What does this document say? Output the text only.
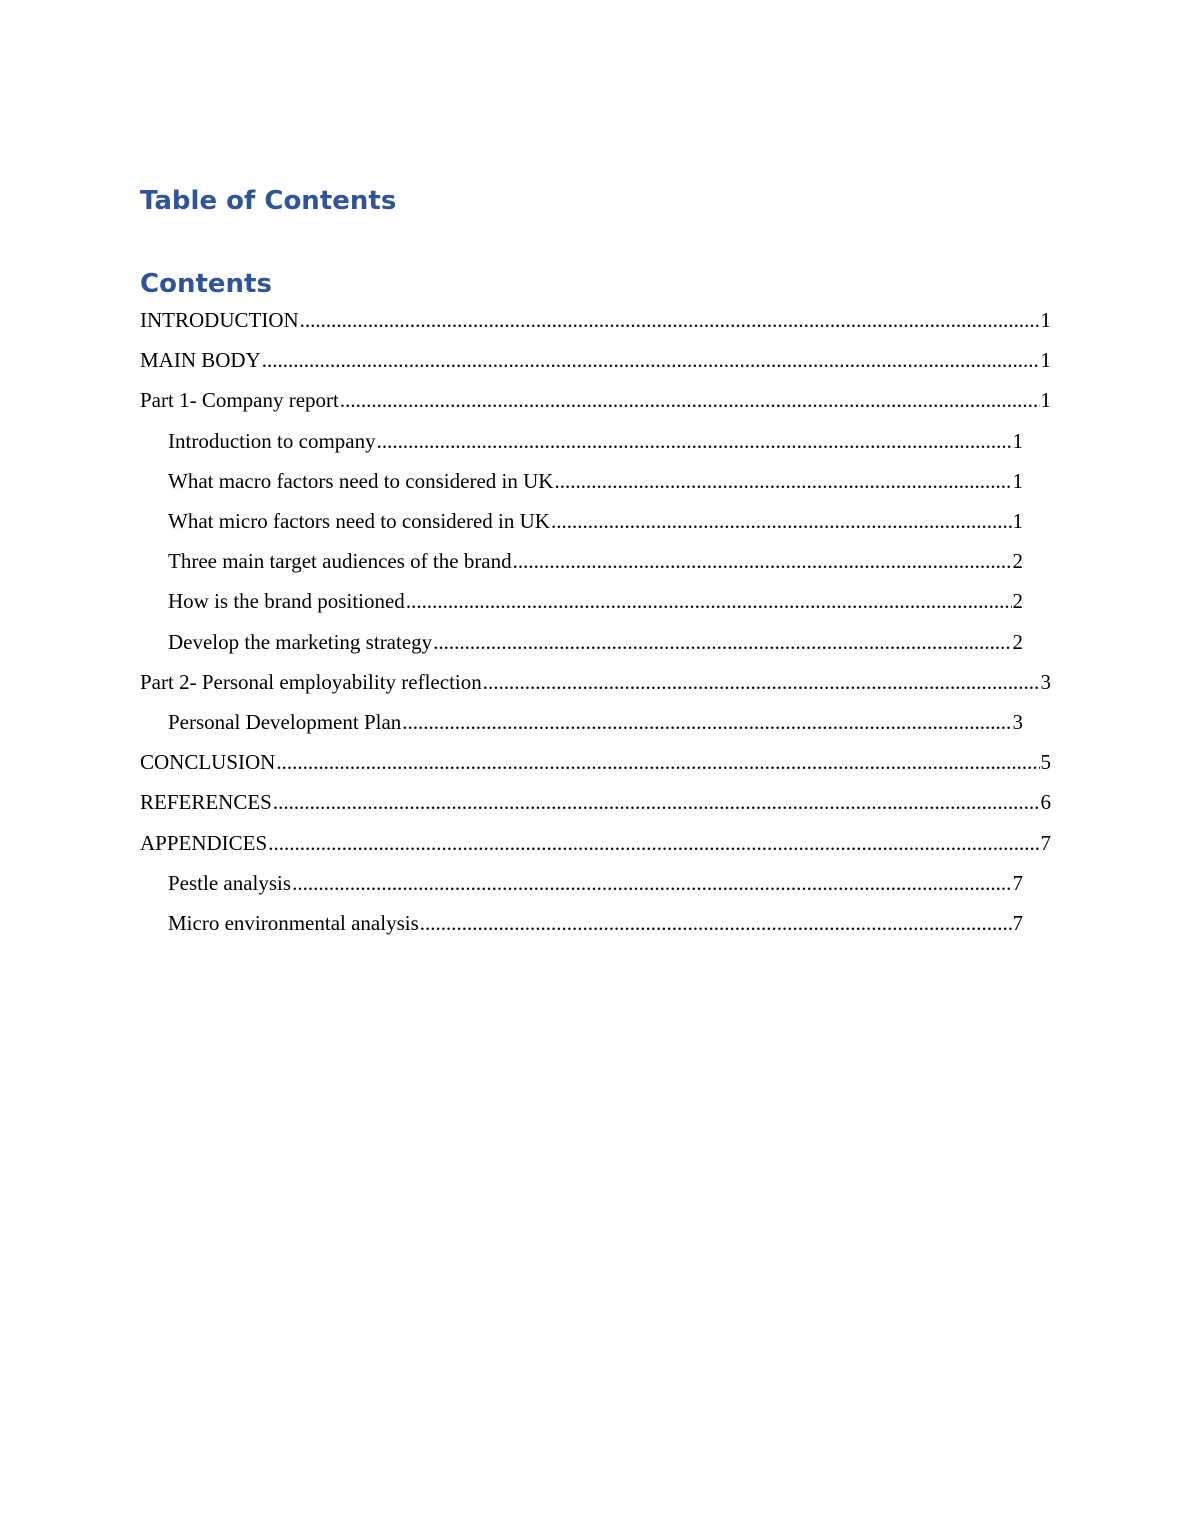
Table of Contents
Contents
INTRODUCTION .....	1
MAIN BODY .....	1
Part 1- Company report .....	1
Introduction to company .....	1
What macro factors need to considered in UK .....	1
What micro factors need to considered in UK .....	1
Three main target audiences of the brand .....	2
How is the brand positioned .....	2
Develop the marketing strategy .....	2
Part 2- Personal employability reflection .....	3
Personal Development Plan .....	3
CONCLUSION .....	5
REFERENCES .....	6
APPENDICES .....	7
Pestle analysis .....	7
Micro environmental analysis .....	7
